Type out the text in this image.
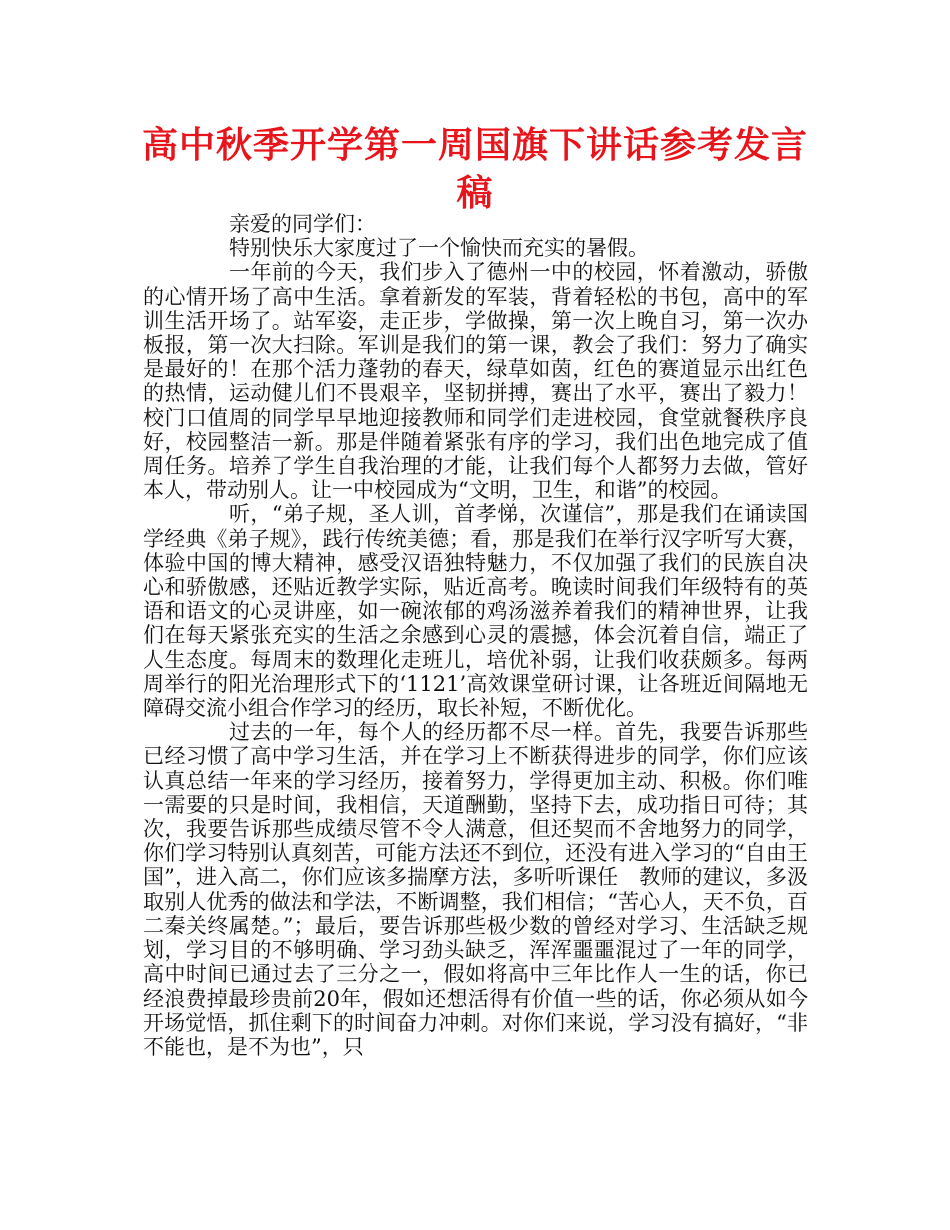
高中秋季开学第一周国旗下讲话参考发言稿

亲爱的同学们：

特别快乐大家度过了一个愉快而充实的暑假。

一年前的今天，我们步入了德州一中的校园，怀着激动，骄傲的心情开场了高中生活。拿着新发的军装，背着轻松的书包，高中的军训生活开场了。站军姿，走正步，学做操，第一次上晚自习，第一次办板报，第一次大扫除。军训是我们的第一课，教会了我们：努力了确实是最好的！在那个活力蓬勃的春天，绿草如茵，红色的赛道显示出红色的热情，运动健儿们不畏艰辛，坚韧拼搏，赛出了水平，赛出了毅力！校门口值周的同学早早地迎接教师和同学们走进校园，食堂就餐秩序良好，校园整洁一新。那是伴随着紧张有序的学习，我们出色地完成了值周任务。培养了学生自我治理的才能，让我们每个人都努力去做，管好本人，带动别人。让一中校园成为“文明，卫生，和谐”的校园。

听，“弟子规，圣人训，首孝悌，次谨信”，那是我们在诵读国学经典《弟子规》，践行传统美德；看，那是我们在举行汉字听写大赛，体验中国的博大精神，感受汉语独特魅力，不仅加强了我们的民族自决心和骄傲感，还贴近教学实际，贴近高考。晚读时间我们年级特有的英语和语文的心灵讲座，如一碗浓郁的鸡汤滋养着我们的精神世界，让我们在每天紧张充实的生活之余感到心灵的震撼，体会沉着自信，端正了人生态度。每周末的数理化走班儿，培优补弱，让我们收获颇多。每两周举行的阳光治理形式下的‘1121’高效课堂研讨课，让各班近间隔地无障碍交流小组合作学习的经历，取长补短，不断优化。

过去的一年，每个人的经历都不尽一样。首先，我要告诉那些已经习惯了高中学习生活，并在学习上不断获得进步的同学，你们应该认真总结一年来的学习经历，接着努力，学得更加主动、积极。你们唯一需要的只是时间，我相信，天道酬勤，坚持下去，成功指日可待；其次，我要告诉那些成绩尽管不令人满意，但还契而不舍地努力的同学，你们学习特别认真刻苦，可能方法还不到位，还没有进入学习的“自由王国”，进入高二，你们应该多揣摩方法，多听听课任　教师的建议，多汲取别人优秀的做法和学法，不断调整，我们相信；“苦心人，天不负，百二秦关终属楚。”；最后，要告诉那些极少数的曾经对学习、生活缺乏规划，学习目的不够明确、学习劲头缺乏，浑浑噩噩混过了一年的同学，高中时间已通过去了三分之一，假如将高中三年比作人一生的话，你已经浪费掉最珍贵前20年，假如还想活得有价值一些的话，你必须从如今开场觉悟，抓住剩下的时间奋力冲刺。对你们来说，学习没有搞好，“非不能也，是不为也”，只
